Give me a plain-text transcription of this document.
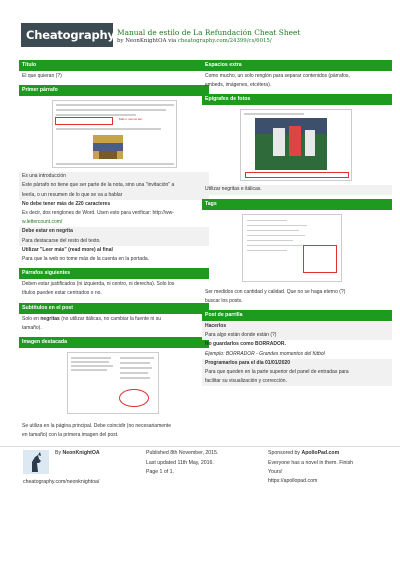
Cheatography Manual de estilo de La Refundación Cheat Sheet
by NeonKnightOA via cheatography.com/24399/cs/6015/
Título
El que quieran (?)
Primer párrafo
Más o menos así:
Es una introducción
Este párrafo no tiene que ser parte de la nota, sino una "invitación" a
leerla, o un resumen de lo que se va a hablar
No debe tener más de 220 caracteres
Es decir, dos renglones de Word. Usen esto para verificar: http://ww-
w.lettercount.com/
Debe estar en negrita
Para destacarse del resto del texto.
Utilizar "Leer más" (read more) al final
Para que la web no tome más de la cuenta en la portada.
Párrafos siguientes
Deben estar justificados (ni izquierda, ni centro, ni derecha). Solo los
títulos pueden estar centrados o no.
Subtítulos en el post
Solo en negritas (no utilizar itálicas, no cambiar la fuente ni su
tamaño).
Imagen destacada
Se utiliza en la página principal. Debe coincidir (no necesariamente
en tamaño) con la primera imagen del post.
Espacios extra
Como mucho, un solo renglón para separar contenidos (párrafos,
embeds, imágenes, etcétera).
Epígrafes de fotos
Utilizar negritas e itálicas.
Tags
Ser medidos con cantidad y calidad. Que no se haga eterno (?)
buscar los posts.
Post de parrilla
Hacerlos
Para algo están donde están (?)
No guardarlos como BORRADOR.
Ejemplo: BORRADOR - Grandes momentos del fútbol
Programarlos para el día 01/01/2020
Para que queden en la parte superior del panel de entradas para
facilitar su visualización y corrección.
By NeonKnightOA
cheatography.com/neonknightoa/
Published 8th November, 2015.
Last updated 11th May, 2016.
Page 1 of 1.
Sponsored by ApolloPad.com
Everyone has a novel in them. Finish
Yours!
https://apollopad.com
